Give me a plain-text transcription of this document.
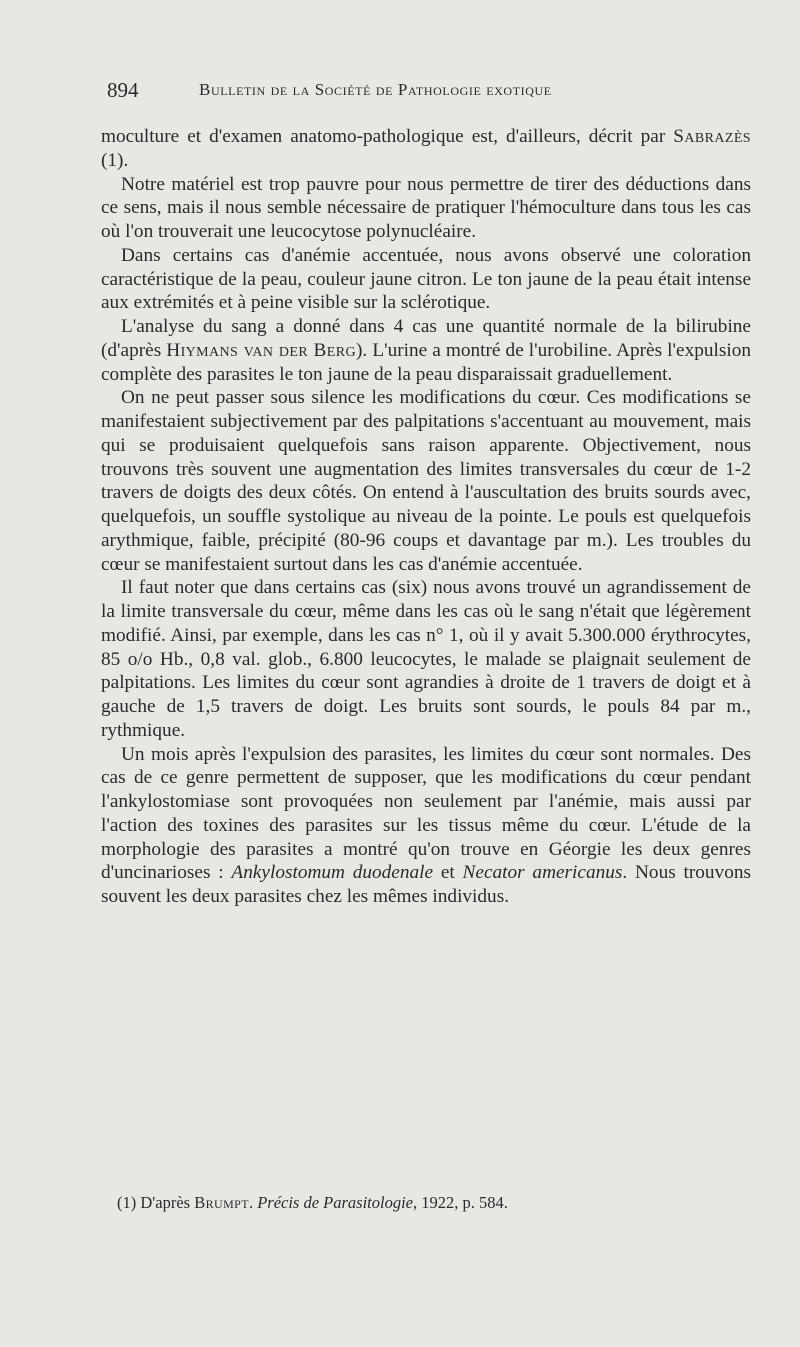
894	Bulletin de la Société de Pathologie exotique

moculture et d'examen anatomo-pathologique est, d'ailleurs, décrit par Sabrazès (1).

Notre matériel est trop pauvre pour nous permettre de tirer des déductions dans ce sens, mais il nous semble nécessaire de pratiquer l'hémoculture dans tous les cas où l'on trouverait une leucocytose polynucléaire.

Dans certains cas d'anémie accentuée, nous avons observé une coloration caractéristique de la peau, couleur jaune citron. Le ton jaune de la peau était intense aux extrémités et à peine visible sur la sclérotique.

L'analyse du sang a donné dans 4 cas une quantité normale de la bilirubine (d'après Hiymans van der Berg). L'urine a montré de l'urobiline. Après l'expulsion complète des parasites le ton jaune de la peau disparaissait graduellement.

On ne peut passer sous silence les modifications du cœur. Ces modifications se manifestaient subjectivement par des palpitations s'accentuant au mouvement, mais qui se produisaient quelquefois sans raison apparente. Objectivement, nous trouvons très souvent une augmentation des limites transversales du cœur de 1-2 travers de doigts des deux côtés. On entend à l'auscultation des bruits sourds avec, quelquefois, un souffle systolique au niveau de la pointe. Le pouls est quelquefois arythmique, faible, précipité (80-96 coups et davantage par m.). Les troubles du cœur se manifestaient surtout dans les cas d'anémie accentuée.

Il faut noter que dans certains cas (six) nous avons trouvé un agrandissement de la limite transversale du cœur, même dans les cas où le sang n'était que légèrement modifié. Ainsi, par exemple, dans les cas n° 1, où il y avait 5.300.000 érythrocytes, 85 o/o Hb., 0,8 val. glob., 6.800 leucocytes, le malade se plaignait seulement de palpitations. Les limites du cœur sont agrandies à droite de 1 travers de doigt et à gauche de 1,5 travers de doigt. Les bruits sont sourds, le pouls 84 par m., rythmique.

Un mois après l'expulsion des parasites, les limites du cœur sont normales. Des cas de ce genre permettent de supposer, que les modifications du cœur pendant l'ankylostomiase sont provoquées non seulement par l'anémie, mais aussi par l'action des toxines des parasites sur les tissus même du cœur. L'étude de la morphologie des parasites a montré qu'on trouve en Géorgie les deux genres d'uncinarioses : Ankylostomum duodenale et Necator americanus. Nous trouvons souvent les deux parasites chez les mêmes individus.

(1) D'après Brumpt. Précis de Parasitologie, 1922, p. 584.
